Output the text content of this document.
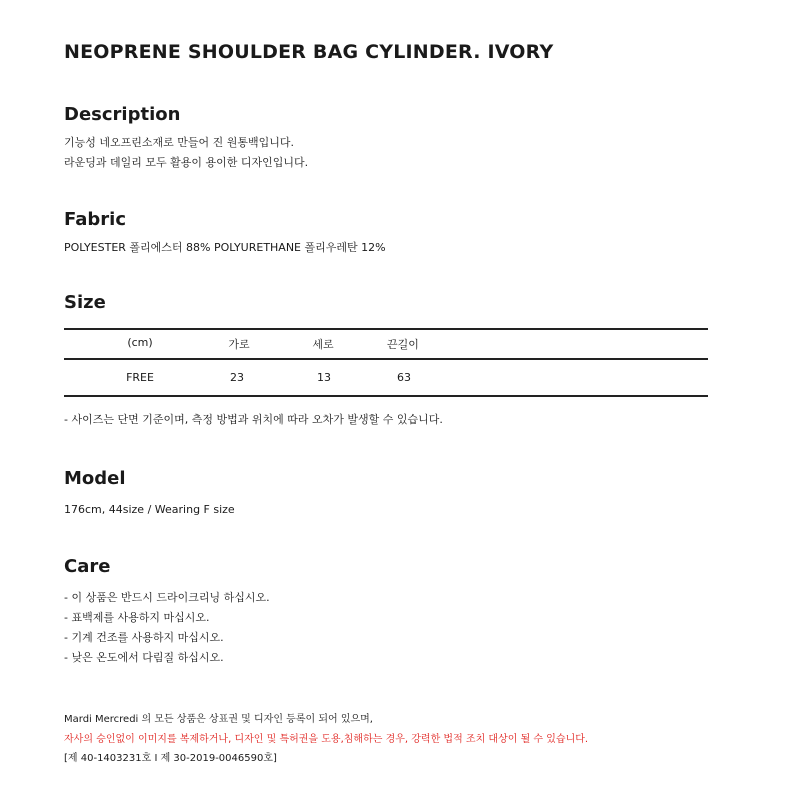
NEOPRENE SHOULDER BAG CYLINDER. IVORY
Description
기능성 네오프린소재로 만들어 진 원통백입니다.
라운딩과 데일리 모두 활용이 용이한 디자인입니다.
Fabric
POLYESTER 폴리에스터 88% POLYURETHANE 폴리우레탄 12%
Size
(cm)	가로	세로	끈길이
FREE	23	13	63
- 사이즈는 단면 기준이며, 측정 방법과 위치에 따라 오차가 발생할 수 있습니다.
Model
176cm, 44size / Wearing F size
Care
- 이 상품은 반드시 드라이크리닝 하십시오.
- 표백제를 사용하지 마십시오.
- 기계 건조를 사용하지 마십시오.
- 낮은 온도에서 다림질 하십시오.
Mardi Mercredi 의 모든 상품은 상표권 및 디자인 등록이 되어 있으며,
자사의 승인없이 이미지를 복제하거나, 디자인 및 특허권을 도용,침해하는 경우, 강력한 법적 조치 대상이 될 수 있습니다.
[제 40-1403231호 I 제 30-2019-0046590호]
